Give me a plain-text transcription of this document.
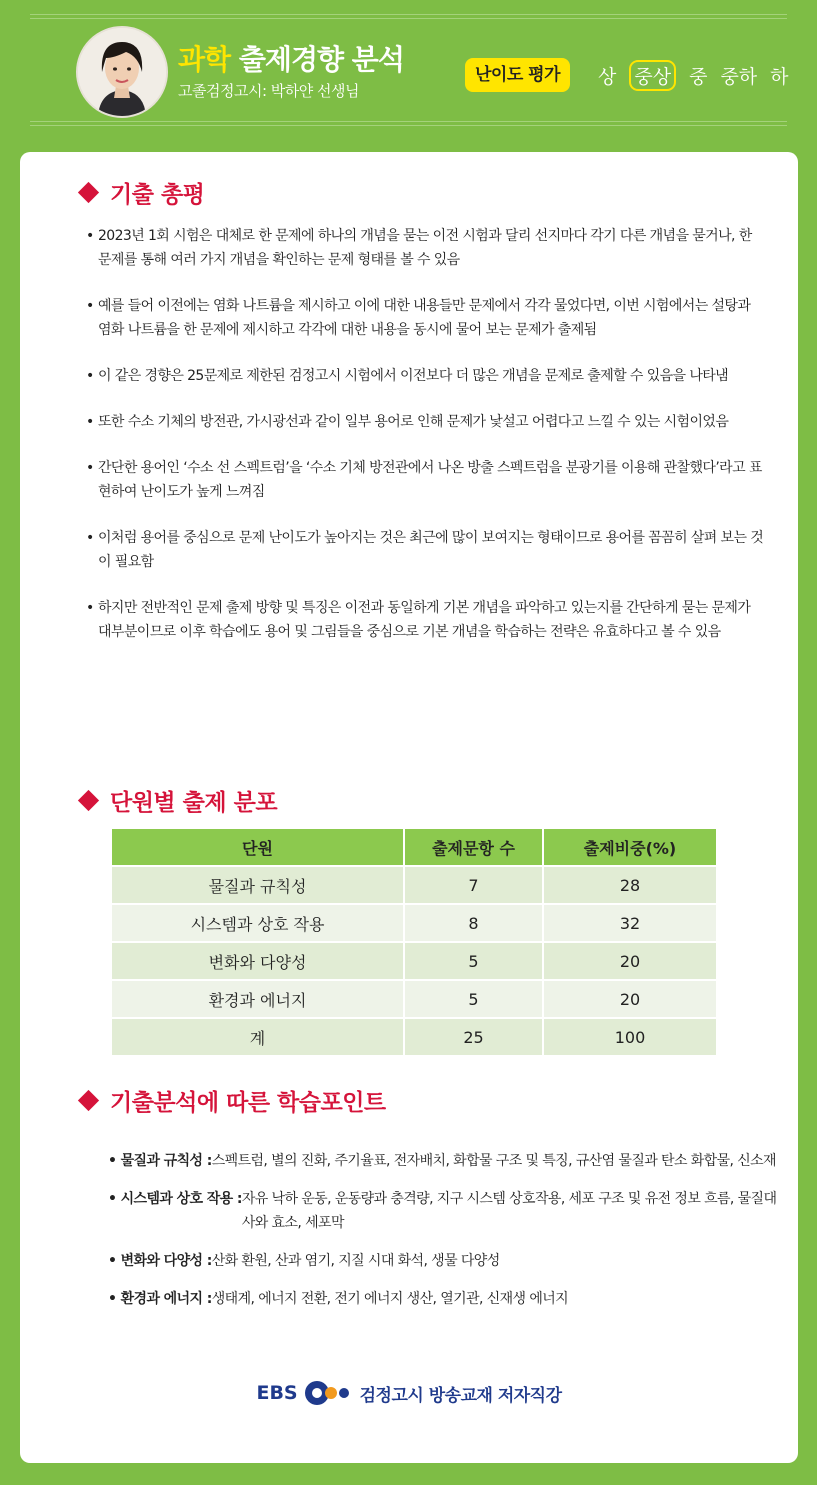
과학 출제경향 분석
고졸검정고시: 박하얀 선생님
난이도 평가	상 중상 중 중하 하
기출 총평
• 2023년 1회 시험은 대체로 한 문제에 하나의 개념을 묻는 이전 시험과 달리 선지마다 각기 다른 개념을 묻거나, 한 문제를 통해 여러 가지 개념을 확인하는 문제 형태를 볼 수 있음
• 예를 들어 이전에는 염화 나트륨을 제시하고 이에 대한 내용들만 문제에서 각각 물었다면, 이번 시험에서는 설탕과 염화 나트륨을 한 문제에 제시하고 각각에 대한 내용을 동시에 물어 보는 문제가 출제됨
• 이 같은 경향은 25문제로 제한된 검정고시 시험에서 이전보다 더 많은 개념을 문제로 출제할 수 있음을 나타냄
• 또한 수소 기체의 방전관, 가시광선과 같이 일부 용어로 인해 문제가 낯설고 어렵다고 느낄 수 있는 시험이었음
• 간단한 용어인 ‘수소 선 스펙트럼’을 ‘수소 기체 방전관에서 나온 방출 스펙트럼을 분광기를 이용해 관찰했다’라고 표현하여 난이도가 높게 느껴짐
• 이처럼 용어를 중심으로 문제 난이도가 높아지는 것은 최근에 많이 보여지는 형태이므로 용어를 꼼꼼히 살펴 보는 것이 필요함
• 하지만 전반적인 문제 출제 방향 및 특징은 이전과 동일하게 기본 개념을 파악하고 있는지를 간단하게 묻는 문제가 대부분이므로 이후 학습에도 용어 및 그림들을 중심으로 기본 개념을 학습하는 전략은 유효하다고 볼 수 있음
단원별 출제 분포
단원	출제문항 수	출제비중(%)
물질과 규칙성	7	28
시스템과 상호 작용	8	32
변화와 다양성	5	20
환경과 에너지	5	20
계	25	100
기출분석에 따른 학습포인트
• 물질과 규칙성 : 스펙트럼, 별의 진화, 주기율표, 전자배치, 화합물 구조 및 특징, 규산염 물질과 탄소 화합물, 신소재
• 시스템과 상호 작용 : 자유 낙하 운동, 운동량과 충격량, 지구 시스템 상호작용, 세포 구조 및 유전 정보 흐름, 물질대사와 효소, 세포막
• 변화와 다양성 : 산화 환원, 산과 염기, 지질 시대 화석, 생물 다양성
• 환경과 에너지 : 생태계, 에너지 전환, 전기 에너지 생산, 열기관, 신재생 에너지
EBS	검정고시 방송교재 저자직강
